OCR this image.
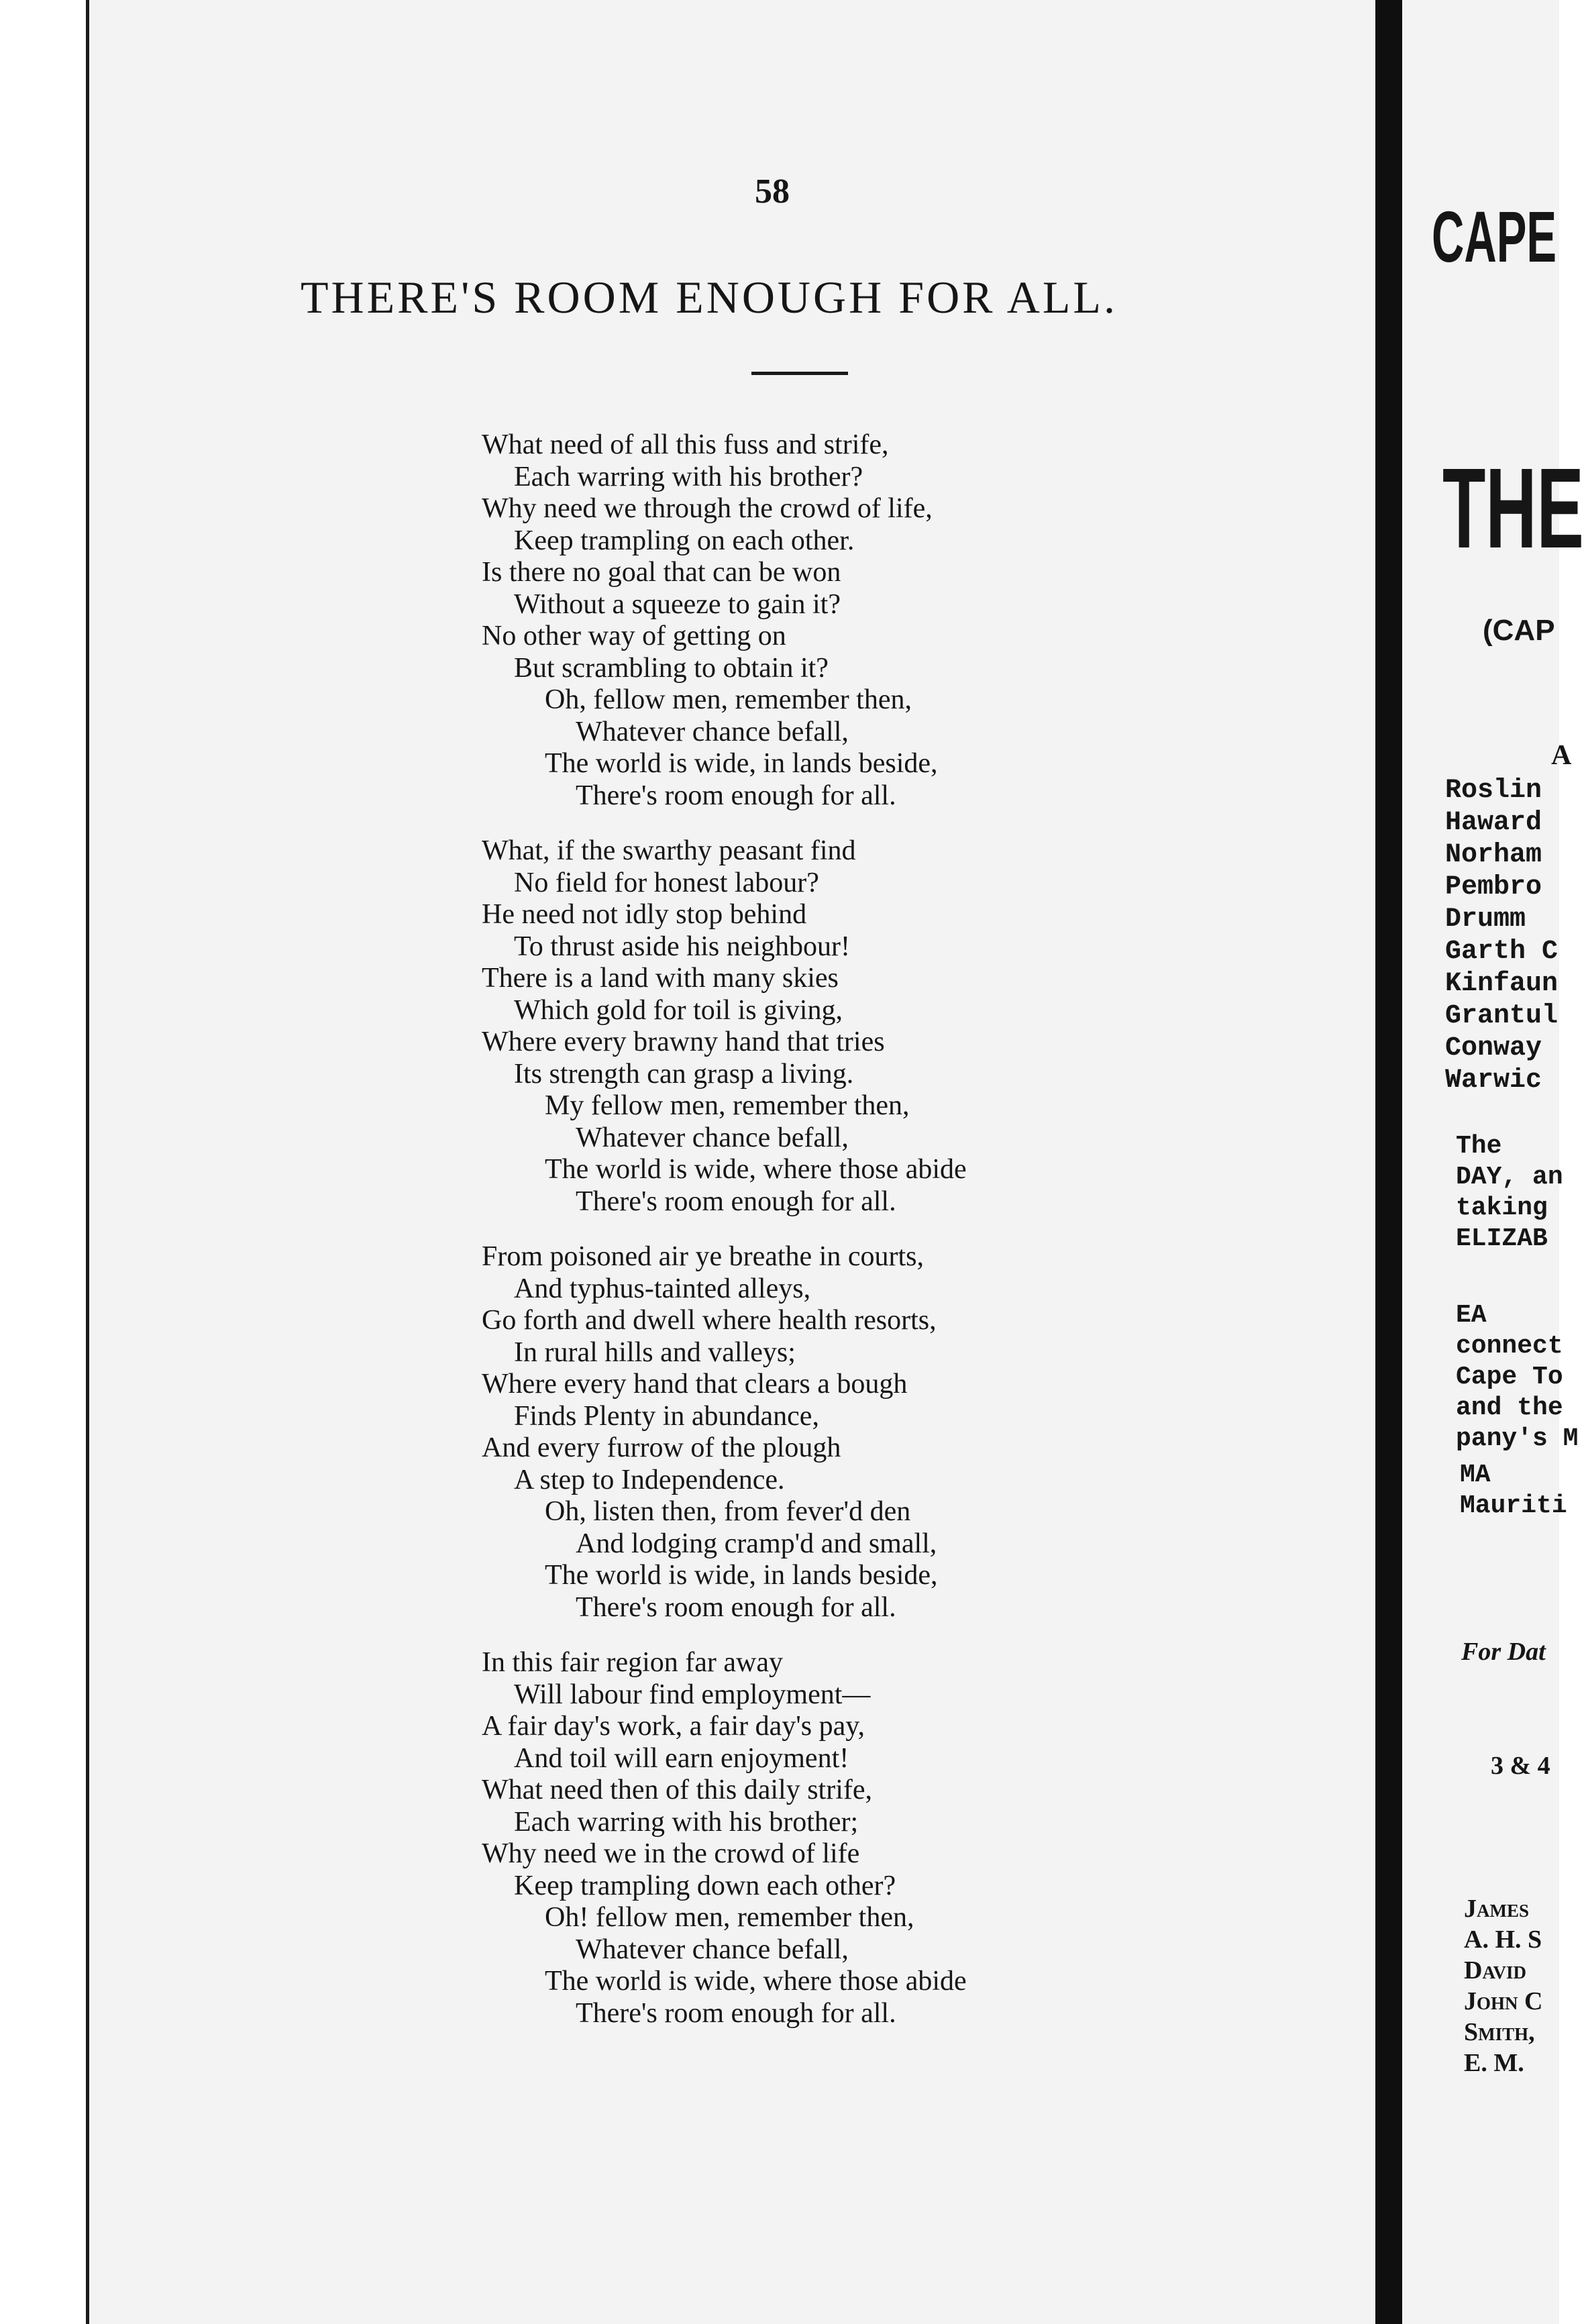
58
THERE'S ROOM ENOUGH FOR ALL.
What need of all this fuss and strife,
Each warring with his brother?
Why need we through the crowd of life,
Keep trampling on each other.
Is there no goal that can be won
Without a squeeze to gain it?
No other way of getting on
But scrambling to obtain it?
Oh, fellow men, remember then,
Whatever chance befall,
The world is wide, in lands beside,
There's room enough for all.
What, if the swarthy peasant find
No field for honest labour?
He need not idly stop behind
To thrust aside his neighbour!
There is a land with many skies
Which gold for toil is giving,
Where every brawny hand that tries
Its strength can grasp a living.
My fellow men, remember then,
Whatever chance befall,
The world is wide, where those abide
There's room enough for all.
From poisoned air ye breathe in courts,
And typhus-tainted alleys,
Go forth and dwell where health resorts,
In rural hills and valleys;
Where every hand that clears a bough
Finds Plenty in abundance,
And every furrow of the plough
A step to Independence.
Oh, listen then, from fever'd den
And lodging cramp'd and small,
The world is wide, in lands beside,
There's room enough for all.
In this fair region far away
Will labour find employment—
A fair day's work, a fair day's pay,
And toil will earn enjoyment!
What need then of this daily strife,
Each warring with his brother;
Why need we in the crowd of life
Keep trampling down each other?
Oh! fellow men, remember then,
Whatever chance befall,
The world is wide, where those abide
There's room enough for all.
CAPE
THE
(CAP
A
Roslin
Haward
Norham
Pembro
Drumm
Garth C
Kinfaun
Grantul
Conway
Warwic
The
DAY, an
taking
ELIZAB
EA
connect
Cape To
and the
pany's M
MA
Mauriti
For Dat
3 & 4
James
A. H. S
David
John C
Smith,
E. M.
